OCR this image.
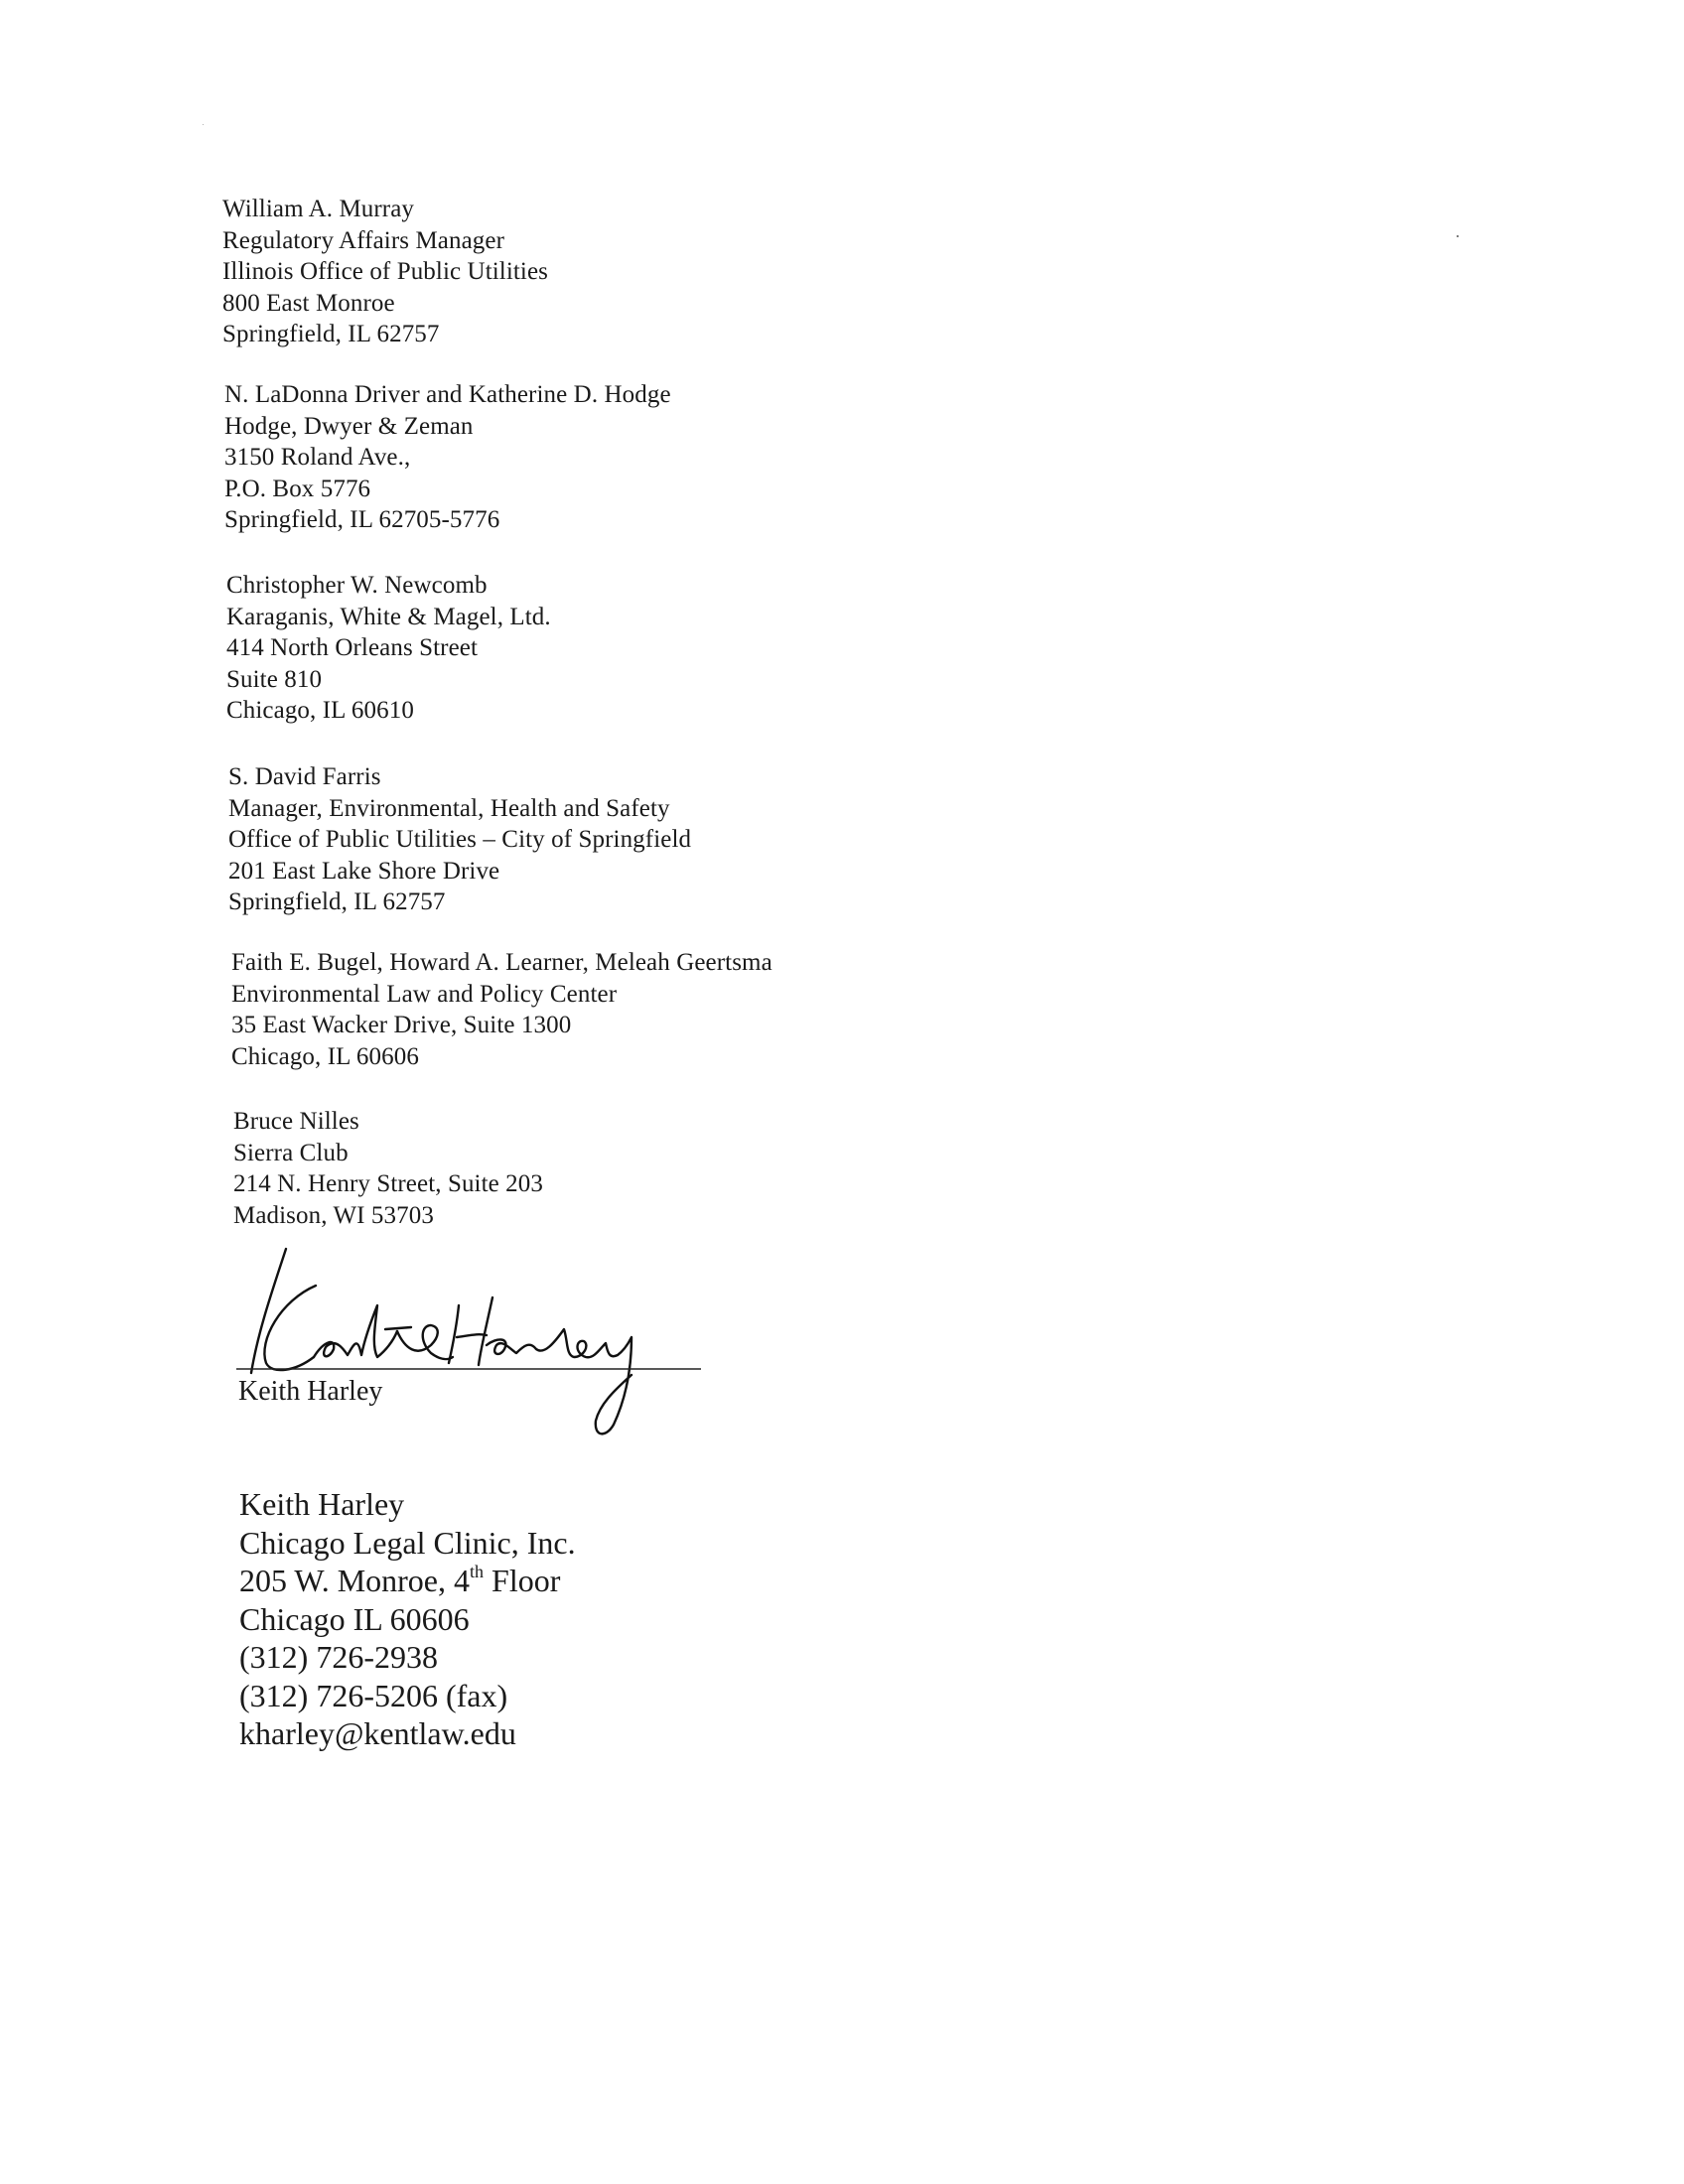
William A. Murray
Regulatory Affairs Manager
Illinois Office of Public Utilities
800 East Monroe
Springfield, IL 62757
N. LaDonna Driver and Katherine D. Hodge
Hodge, Dwyer & Zeman
3150 Roland Ave.,
P.O. Box 5776
Springfield, IL 62705-5776
Christopher W. Newcomb
Karaganis, White & Magel, Ltd.
414 North Orleans Street
Suite 810
Chicago, IL 60610
S. David Farris
Manager, Environmental, Health and Safety
Office of Public Utilities – City of Springfield
201 East Lake Shore Drive
Springfield, IL 62757
Faith E. Bugel, Howard A. Learner, Meleah Geertsma
Environmental Law and Policy Center
35 East Wacker Drive, Suite 1300
Chicago, IL 60606
Bruce Nilles
Sierra Club
214 N. Henry Street, Suite 203
Madison, WI 53703
Keith Harley
Keith Harley
Chicago Legal Clinic, Inc.
205 W. Monroe, 4th Floor
Chicago IL 60606
(312) 726-2938
(312) 726-5206 (fax)
kharley@kentlaw.edu
